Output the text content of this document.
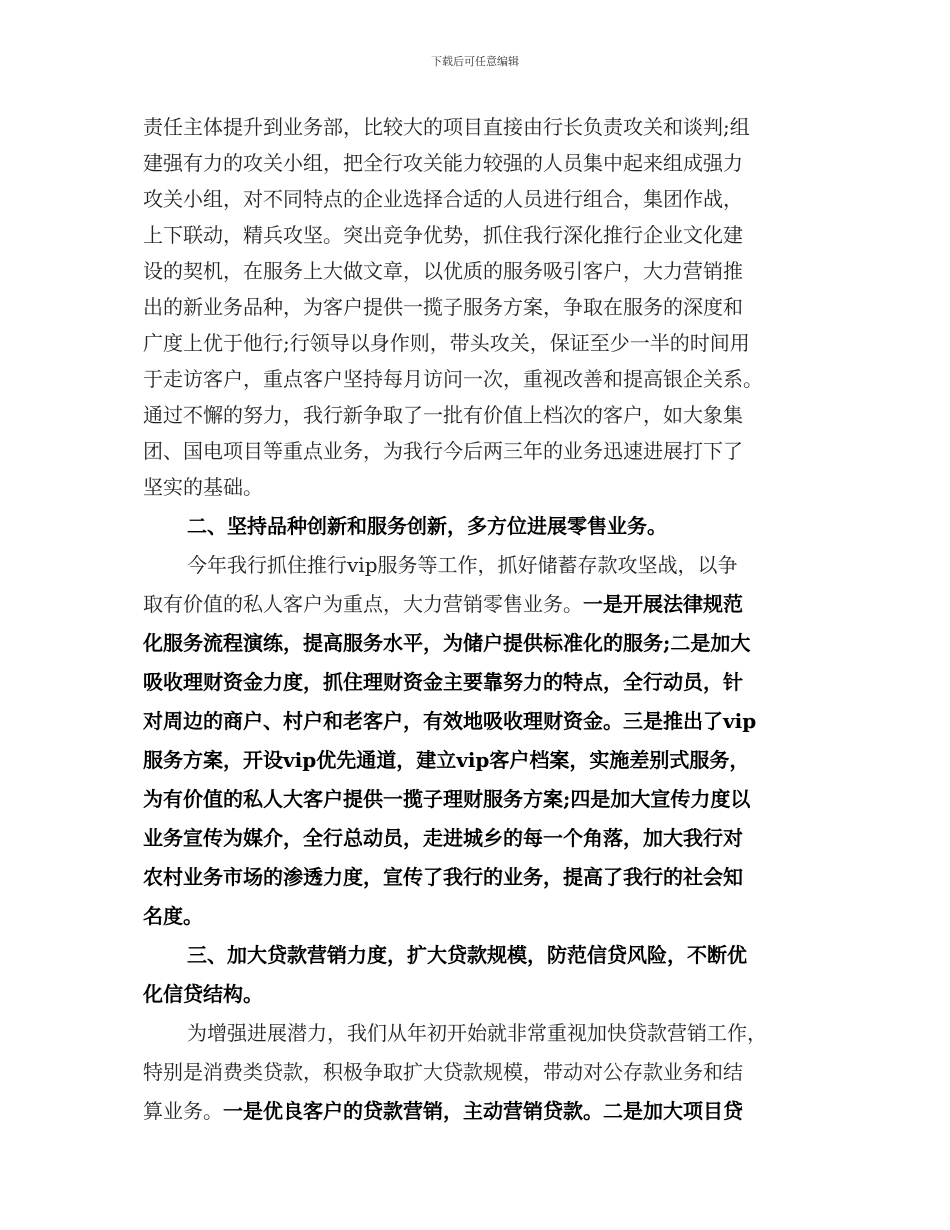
下载后可任意编辑
责任主体提升到业务部，比较大的项目直接由行长负责攻关和谈判;组
建强有力的攻关小组，把全行攻关能力较强的人员集中起来组成强力
攻关小组，对不同特点的企业选择合适的人员进行组合，集团作战，
上下联动，精兵攻坚。突出竞争优势，抓住我行深化推行企业文化建
设的契机，在服务上大做文章，以优质的服务吸引客户，大力营销推
出的新业务品种，为客户提供一揽子服务方案，争取在服务的深度和
广度上优于他行;行领导以身作则，带头攻关，保证至少一半的时间用
于走访客户，重点客户坚持每月访问一次，重视改善和提高银企关系。
通过不懈的努力，我行新争取了一批有价值上档次的客户，如大象集
团、国电项目等重点业务，为我行今后两三年的业务迅速进展打下了
坚实的基础。
二、坚持品种创新和服务创新，多方位进展零售业务。
今年我行抓住推行vip服务等工作，抓好储蓄存款攻坚战，以争
取有价值的私人客户为重点，大力营销零售业务。一是开展法律规范
化服务流程演练，提高服务水平，为储户提供标准化的服务;二是加大
吸收理财资金力度，抓住理财资金主要靠努力的特点，全行动员，针
对周边的商户、村户和老客户，有效地吸收理财资金。三是推出了vip
服务方案，开设vip优先通道，建立vip客户档案，实施差别式服务，
为有价值的私人大客户提供一揽子理财服务方案;四是加大宣传力度以
业务宣传为媒介，全行总动员，走进城乡的每一个角落，加大我行对
农村业务市场的渗透力度，宣传了我行的业务，提高了我行的社会知
名度。
三、加大贷款营销力度，扩大贷款规模，防范信贷风险，不断优
化信贷结构。
为增强进展潜力，我们从年初开始就非常重视加快贷款营销工作，
特别是消费类贷款，积极争取扩大贷款规模，带动对公存款业务和结
算业务。一是优良客户的贷款营销，主动营销贷款。二是加大项目贷
